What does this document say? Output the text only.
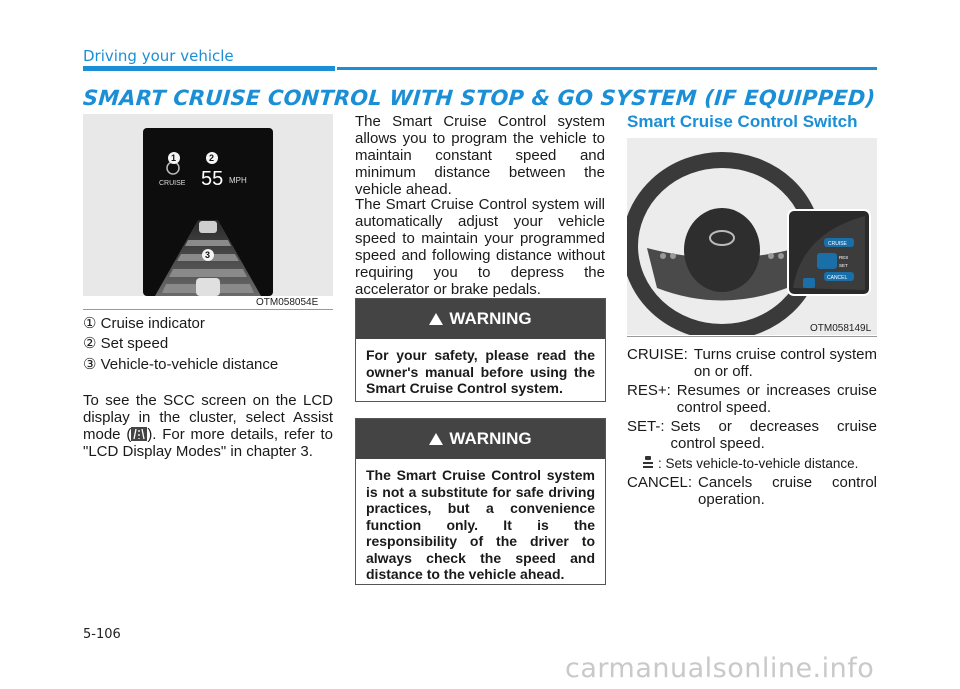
Driving your vehicle
SMART CRUISE CONTROL WITH STOP & GO SYSTEM (IF EQUIPPED)
CRUISE 55 MPH
1	2
3
OTM058054E
① Cruise indicator
② Set speed
③ Vehicle-to-vehicle distance
To see the SCC screen on the LCD display in the cluster, select Assist mode ( ). For more details, refer to "LCD Display Modes" in chapter 3.
The Smart Cruise Control system allows you to program the vehicle to maintain constant speed and minimum distance between the vehicle ahead.
The Smart Cruise Control system will automatically adjust your vehicle speed to maintain your programmed speed and following distance without requiring you to depress the accelerator or brake pedals.
WARNING
For your safety, please read the owner's manual before using the Smart Cruise Control system.
WARNING
The Smart Cruise Control system is not a substitute for safe driving practices, but a convenience function only. It is the responsibility of the driver to always check the speed and distance to the vehicle ahead.
Smart Cruise Control Switch
CRUISE
RES
SET
CANCEL
OTM058149L
CRUISE: Turns cruise control system on or off.
RES+: Resumes or increases cruise control speed.
SET-: Sets or decreases cruise control speed.
: Sets vehicle-to-vehicle distance.
CANCEL: Cancels cruise control operation.
5-106
carmanualsonline.info
